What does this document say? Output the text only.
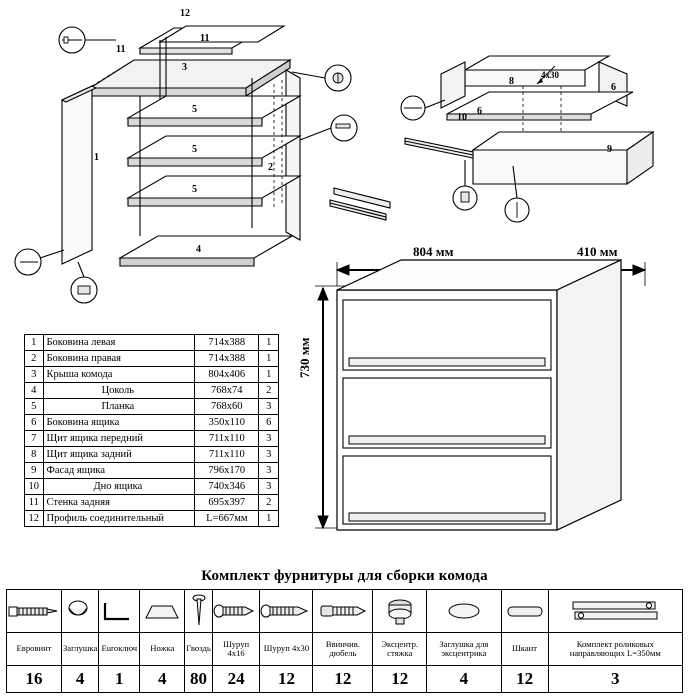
12
11
11
3
5
5
5
1
2
4
8
4х30
6
6
10
9
1	Боковина левая	714х388	1
2	Боковина правая	714х388	1
3	Крыша комода	804х406	1
4	Цоколь	768х74	2
5	Планка	768х60	3
6	Боковина ящика	350х110	6
7	Щит ящика передний	711х110	3
8	Щит ящика задний	711х110	3
9	Фасад ящика	796х170	3
10	Дно ящика	740х346	3
11	Стенка задняя	695х397	2
12	Профиль соединительный	L=667мм	1
804 мм	410 мм
730 мм
Комплект фурнитуры для сборки комода

Евровинт	Заглушка	Euroключ	Ножка	Гвоздь	Шуруп 4х16	Шуруп 4х30	Ввинчив. дюбель	Эксцентр. стяжка	Заглушка для эксцентрика	Шкант	Комплект роликовых направляющих L=350мм
16	4	1	4	80	24	12	12	12	4	12	3
